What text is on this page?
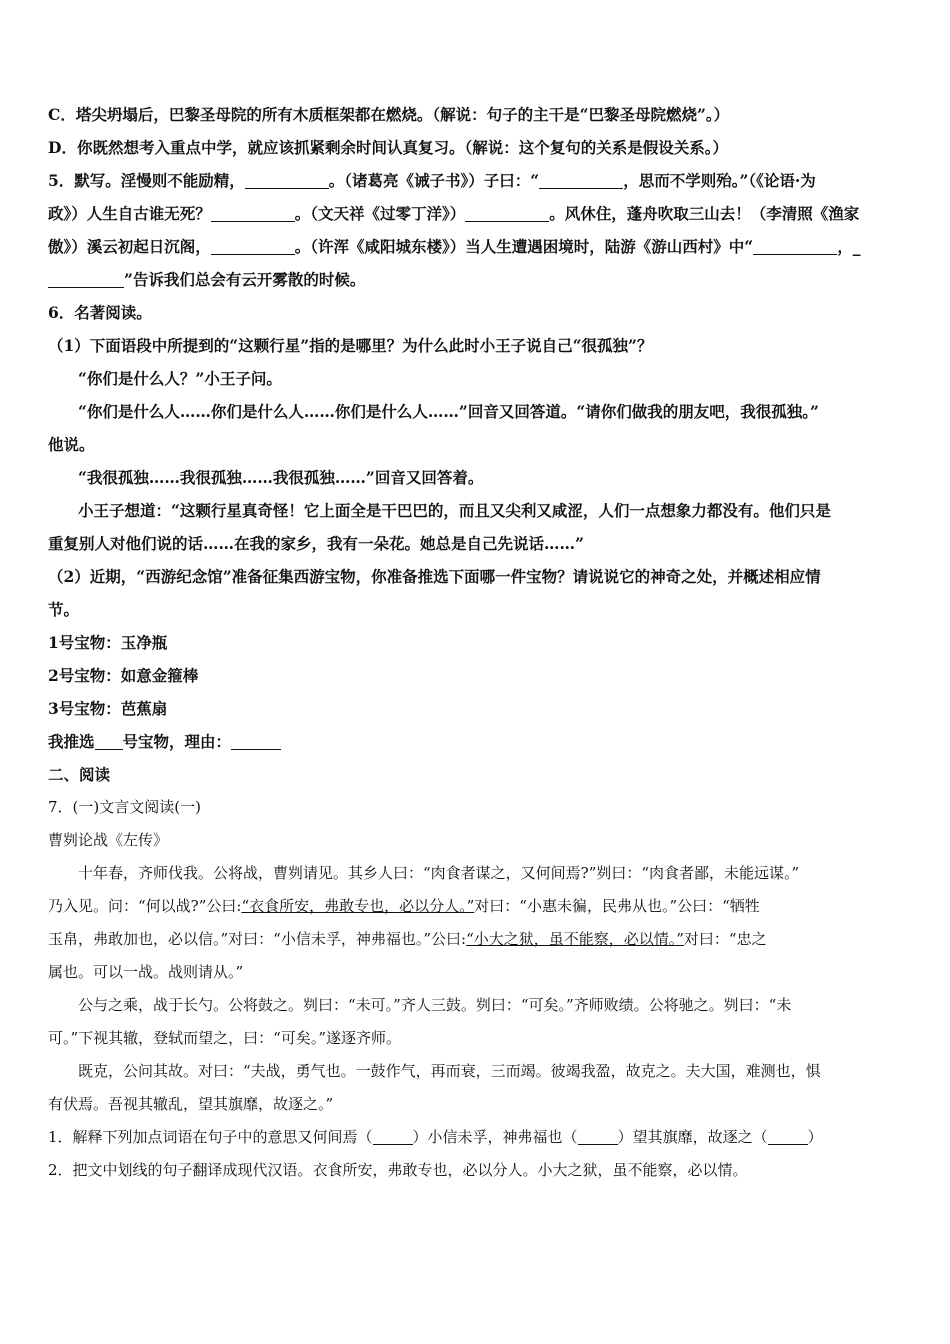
C．塔尖坍塌后，巴黎圣母院的所有木质框架都在燃烧。（解说：句子的主干是“巴黎圣母院燃烧”。）
D．你既然想考入重点中学，就应该抓紧剩余时间认真复习。（解说：这个复句的关系是假设关系。）
5．默写。淫慢则不能励精，	。（诸葛亮《诫子书》）子曰：“	，思而不学则殆。”（《论语·为
政》）人生自古谁无死？	。（文天祥《过零丁洋》）	。风休住，蓬舟吹取三山去！（李清照《渔家
傲》）溪云初起日沉阁，	。（许浑《咸阳城东楼》）当人生遭遇困境时，陆游《游山西村》中“	，_
”告诉我们总会有云开雾散的时候。
6．名著阅读。
（1）下面语段中所提到的“这颗行星”指的是哪里？为什么此时小王子说自己“很孤独”？
“你们是什么人？”小王子问。
“你们是什么人……你们是什么人……你们是什么人……”回音又回答道。“请你们做我的朋友吧，我很孤独。”
他说。
“我很孤独……我很孤独……我很孤独……”回音又回答着。
小王子想道：“这颗行星真奇怪！它上面全是干巴巴的，而且又尖利又咸涩，人们一点想象力都没有。他们只是
重复别人对他们说的话……在我的家乡，我有一朵花。她总是自己先说话……”
（2）近期，“西游纪念馆”准备征集西游宝物，你准备推选下面哪一件宝物？请说说它的神奇之处，并概述相应情
节。
1号宝物：玉净瓶
2号宝物：如意金箍棒
3号宝物：芭蕉扇
我推选 号宝物，理由：
二、阅读
7．(一)文言文阅读(一)
曹刿论战《左传》
十年春，齐师伐我。公将战，曹刿请见。其乡人曰：“肉食者谋之，又何间焉?”刿曰：“肉食者鄙，未能远谋。”
乃入见。问：“何以战?”公曰:“衣食所安，弗敢专也，必以分人。”对曰：“小惠未徧，民弗从也。”公曰：“牺牲
玉帛，弗敢加也，必以信。”对曰：“小信未孚，神弗福也。”公曰:“小大之狱，虽不能察，必以情。”对曰：“忠之
属也。可以一战。战则请从。”
公与之乘，战于长勺。公将鼓之。刿曰：“未可。”齐人三鼓。刿曰：“可矣。”齐师败绩。公将驰之。刿曰：“未
可。”下视其辙，登轼而望之，曰：“可矣。”遂逐齐师。
既克，公问其故。对曰：“夫战，勇气也。一鼓作气，再而衰，三而竭。彼竭我盈，故克之。夫大国，难测也，惧
有伏焉。吾视其辙乱，望其旗靡，故逐之。”
1．解释下列加点词语在句子中的意思又何间焉（	）小信未孚，神弗福也（	）望其旗靡，故逐之（	）
2．把文中划线的句子翻译成现代汉语。衣食所安，弗敢专也，必以分人。小大之狱，虽不能察，必以情。
